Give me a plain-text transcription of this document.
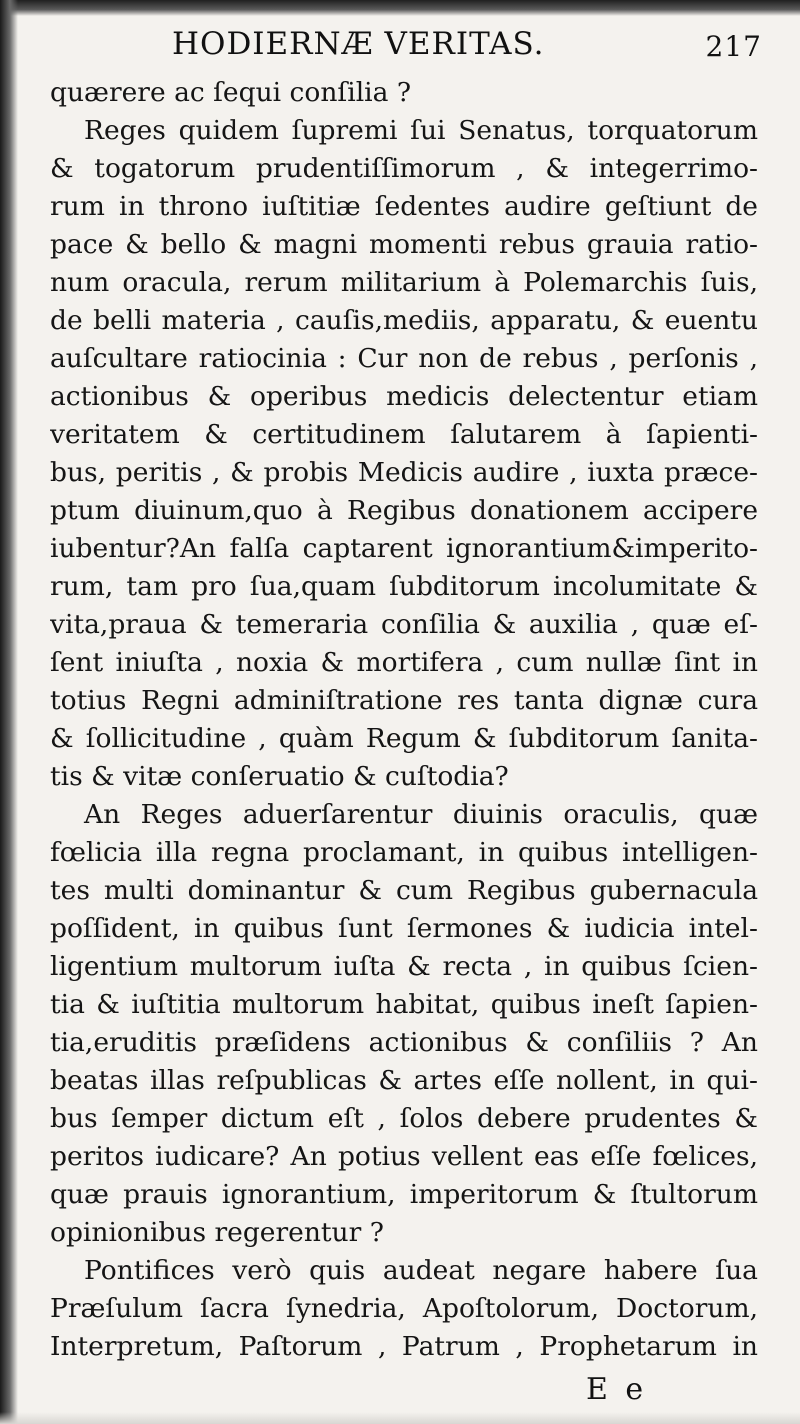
HODIERNÆ VERITAS.	217
quærere ac ſequi conſilia ?
Reges quidem ſupremi ſui Senatus, torquatorum
& togatorum prudentiſſimorum , & integerrimo-
rum in throno iuſtitiæ ſedentes audire geſtiunt de
pace & bello & magni momenti rebus grauia ratio-
num oracula, rerum militarium à Polemarchis ſuis,
de belli materia , cauſis,mediis, apparatu, & euentu
auſcultare ratiocinia : Cur non de rebus , perſonis ,
actionibus & operibus medicis delectentur etiam
veritatem & certitudinem ſalutarem à ſapienti-
bus, peritis , & probis Medicis audire , iuxta præce-
ptum diuinum,quo à Regibus donationem accipere
iubentur?An falſa captarent ignorantium&imperito-
rum, tam pro ſua,quam ſubditorum incolumitate &
vita,praua & temeraria conſilia & auxilia , quæ eſ-
ſent iniuſta , noxia & mortifera , cum nullæ ſint in
totius Regni adminiſtratione res tanta dignæ cura
& ſollicitudine , quàm Regum & ſubditorum ſanita-
tis & vitæ conſeruatio & cuſtodia?
An Reges aduerſarentur diuinis oraculis, quæ
fœlicia illa regna proclamant, in quibus intelligen-
tes multi dominantur & cum Regibus gubernacula
poſſident, in quibus ſunt ſermones & iudicia intel-
ligentium multorum iuſta & recta , in quibus ſcien-
tia & iuſtitia multorum habitat, quibus ineſt ſapien-
tia,eruditis præſidens actionibus & conſiliis ? An
beatas illas reſpublicas & artes eſſe nollent, in qui-
bus ſemper dictum eſt , ſolos debere prudentes &
peritos iudicare? An potius vellent eas eſſe fœlices,
quæ prauis ignorantium, imperitorum & ſtultorum
opinionibus regerentur ?
Pontifices verò quis audeat negare habere ſua
Præſulum ſacra ſynedria, Apoſtolorum, Doctorum,
Interpretum, Paſtorum , Patrum , Prophetarum in
E e
